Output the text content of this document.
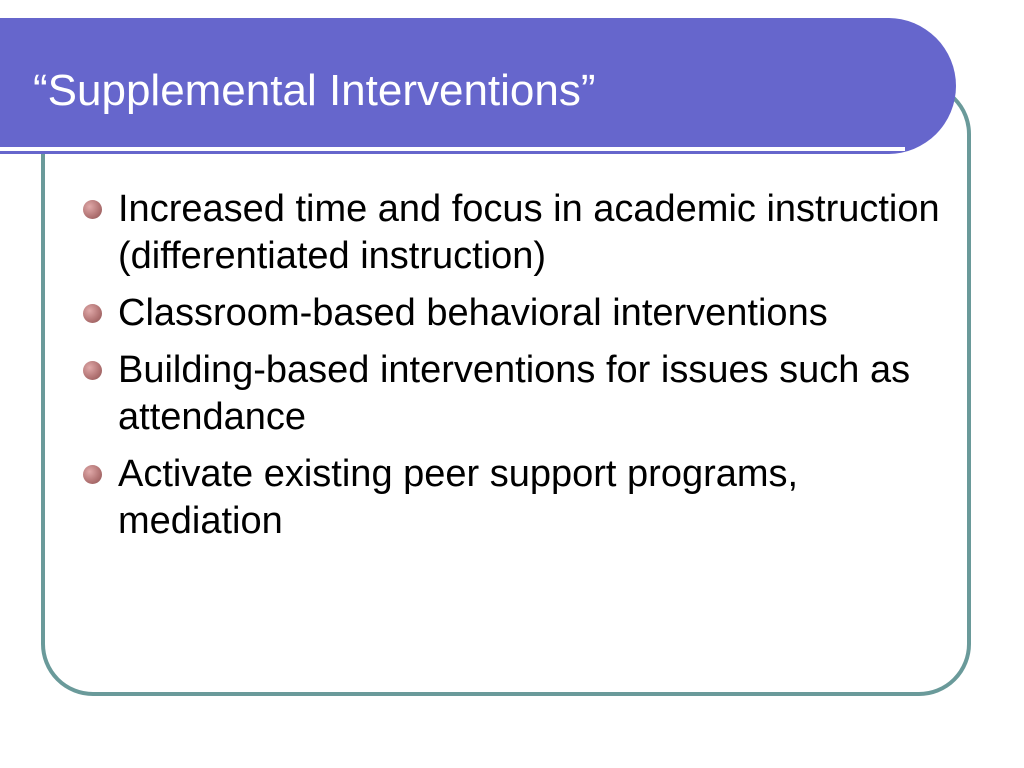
“Supplemental Interventions”
Increased time and focus in academic instruction (differentiated instruction)
Classroom-based behavioral interventions
Building-based interventions for issues such as attendance
Activate existing peer support programs, mediation
